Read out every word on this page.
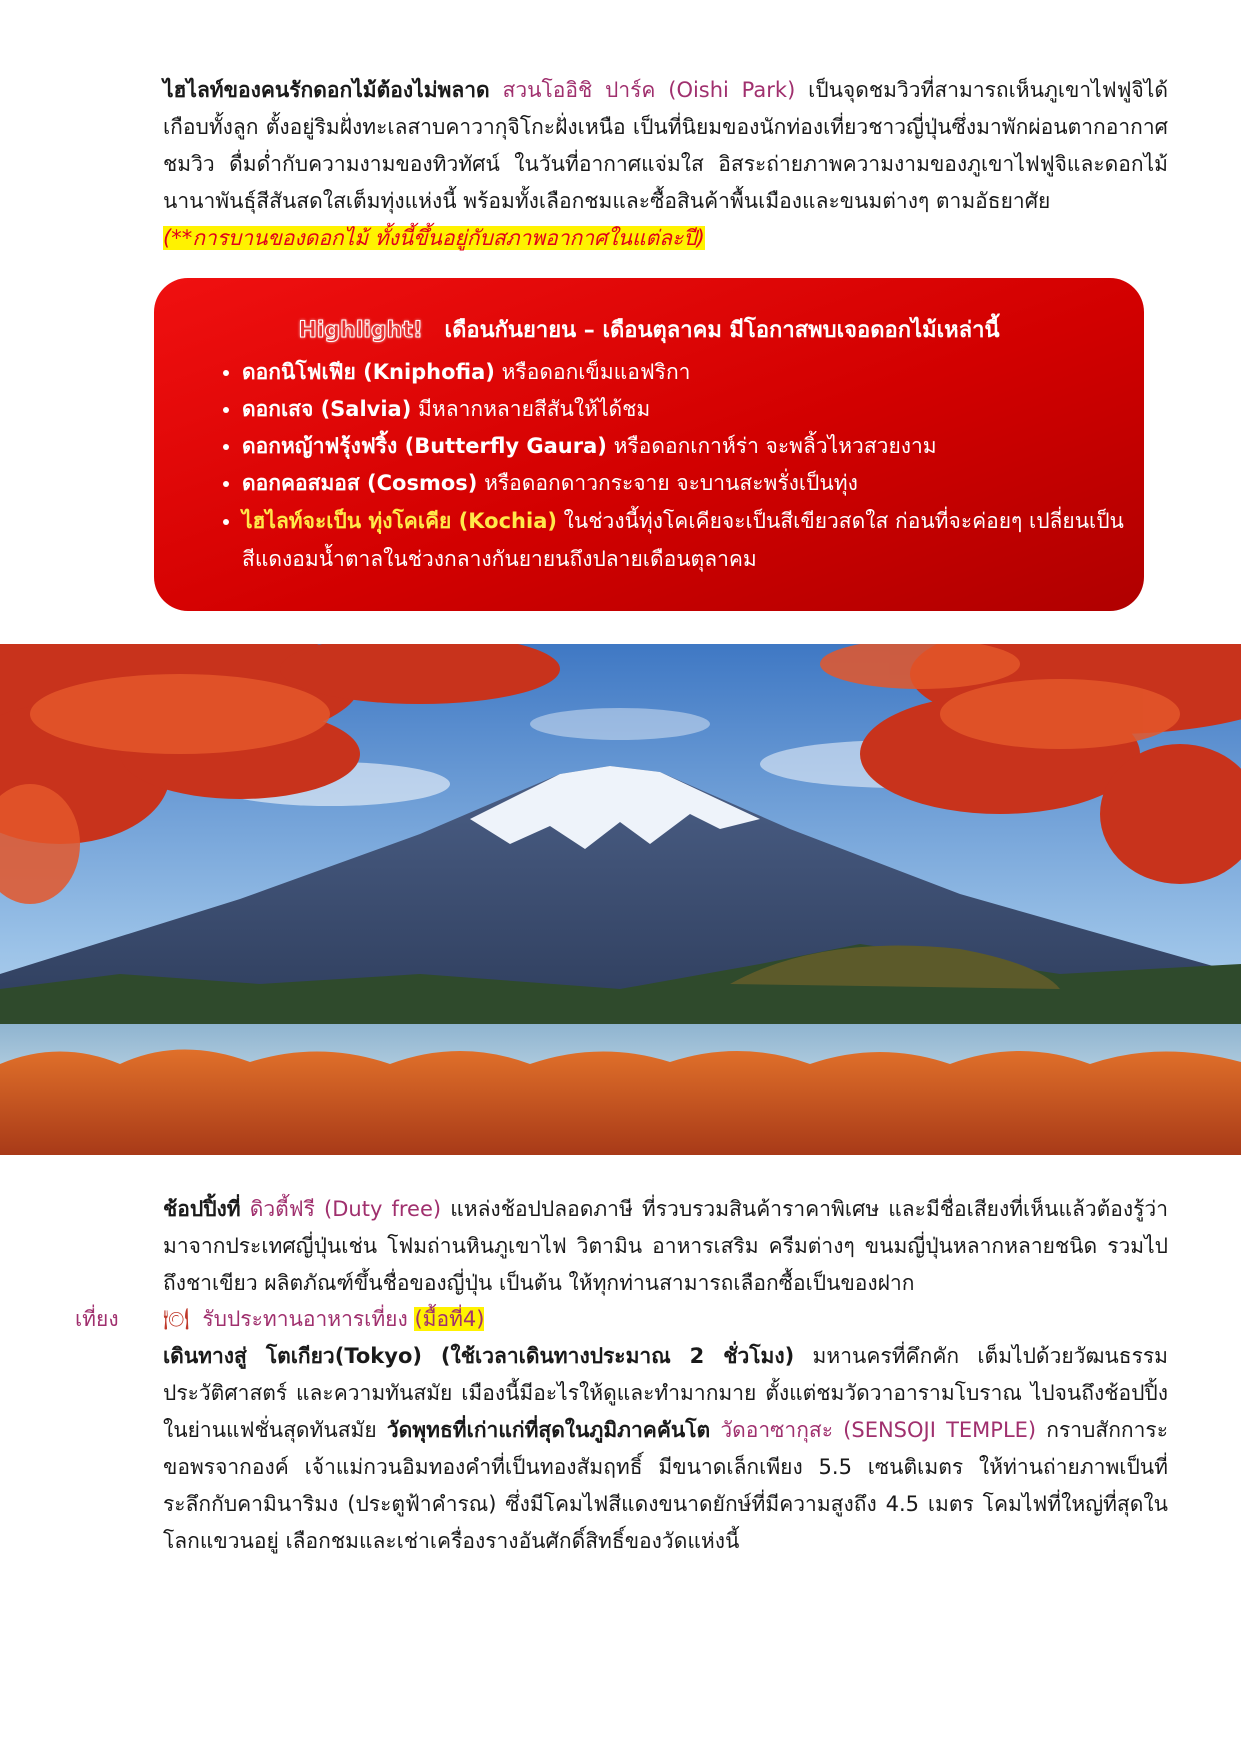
ไฮไลท์ของคนรักดอกไม้ต้องไม่พลาด สวนโออิชิ ปาร์ค (Oishi Park) เป็นจุดชมวิวที่สามารถเห็นภูเขาไฟฟูจิได้เกือบทั้งลูก ตั้งอยู่ริมฝั่งทะเลสาบคาวากุจิโกะฝั่งเหนือ เป็นที่นิยมของนักท่องเที่ยวชาวญี่ปุ่นซึ่งมาพักผ่อนตากอากาศ ชมวิว ดื่มด่ำกับความงามของทิวทัศน์ ในวันที่อากาศแจ่มใส อิสระถ่ายภาพความงามของภูเขาไฟฟูจิและดอกไม้นานาพันธุ์สีสันสดใสเต็มทุ่งแห่งนี้ พร้อมทั้งเลือกชมและซื้อสินค้าพื้นเมืองและขนมต่างๆ ตามอัธยาศัย
(**การบานของดอกไม้ ทั้งนี้ขึ้นอยู่กับสภาพอากาศในแต่ละปี)
Highlight! เดือนกันยายน – เดือนตุลาคม มีโอกาสพบเจอดอกไม้เหล่านี้
• ดอกนิโฟเฟีย (Kniphofia) หรือดอกเข็มแอฟริกา
• ดอกเสจ (Salvia) มีหลากหลายสีสันให้ได้ชม
• ดอกหญ้าฟรุ้งฟริ้ง (Butterfly Gaura) หรือดอกเกาห์ร่า จะพลิ้วไหวสวยงาม
• ดอกคอสมอส (Cosmos) หรือดอกดาวกระจาย จะบานสะพรั่งเป็นทุ่ง
• ไฮไลท์จะเป็น ทุ่งโคเคีย (Kochia) ในช่วงนี้ทุ่งโคเคียจะเป็นสีเขียวสดใส ก่อนที่จะค่อยๆ เปลี่ยนเป็นสีแดงอมน้ำตาลในช่วงกลางกันยายนถึงปลายเดือนตุลาคม
ช้อปปิ้งที่ ดิวตี้ฟรี (Duty free) แหล่งช้อปปลอดภาษี ที่รวบรวมสินค้าราคาพิเศษ และมีชื่อเสียงที่เห็นแล้วต้องรู้ว่ามาจากประเทศญี่ปุ่นเช่น โฟมถ่านหินภูเขาไฟ วิตามิน อาหารเสริม ครีมต่างๆ ขนมญี่ปุ่นหลากหลายชนิด รวมไปถึงชาเขียว ผลิตภัณฑ์ขึ้นชื่อของญี่ปุ่น เป็นต้น ให้ทุกท่านสามารถเลือกซื้อเป็นของฝาก
เที่ยง 🍽 รับประทานอาหารเที่ยง (มื้อที่4)
เดินทางสู่ โตเกียว(Tokyo) (ใช้เวลาเดินทางประมาณ 2 ชั่วโมง) มหานครที่คึกคัก เต็มไปด้วยวัฒนธรรม ประวัติศาสตร์ และความทันสมัย เมืองนี้มีอะไรให้ดูและทำมากมาย ตั้งแต่ชมวัดวาอารามโบราณ ไปจนถึงช้อปปิ้งในย่านแฟชั่นสุดทันสมัย วัดพุทธที่เก่าแก่ที่สุดในภูมิภาคคันโต วัดอาซากุสะ (SENSOJI TEMPLE) กราบสักการะขอพรจากองค์ เจ้าแม่กวนอิมทองคำที่เป็นทองสัมฤทธิ์ มีขนาดเล็กเพียง 5.5 เซนติเมตร ให้ท่านถ่ายภาพเป็นที่ระลึกกับคามินาริมง (ประตูฟ้าคำรณ) ซึ่งมีโคมไฟสีแดงขนาดยักษ์ที่มีความสูงถึง 4.5 เมตร โคมไฟที่ใหญ่ที่สุดในโลกแขวนอยู่ เลือกชมและเช่าเครื่องรางอันศักดิ์สิทธิ์ของวัดแห่งนี้
